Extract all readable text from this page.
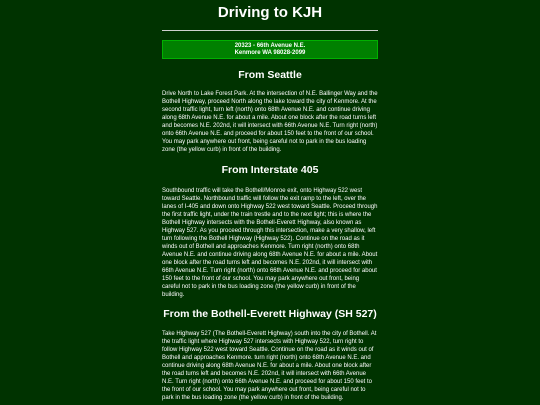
Driving to KJH
20323 - 66th Avenue N.E.
Kenmore WA 98028-2099
From Seattle

Drive North to Lake Forest Park. At the intersection of N.E. Ballinger Way and the Bothell Highway, proceed North along the lake toward the city of Kenmore. At the second traffic light, turn left (north) onto 68th Avenue N.E. and continue driving along 68th Avenue N.E. for about a mile. About one block after the road turns left and becomes N.E. 202nd, it will intersect with 66th Avenue N.E. Turn right (north) onto 66th Avenue N.E. and proceed for about 150 feet to the front of our school. You may park anywhere out front, being careful not to park in the bus loading zone (the yellow curb) in front of the building.

From Interstate 405

Southbound traffic will take the Bothell/Monroe exit, onto Highway 522 west toward Seattle. Northbound traffic will follow the exit ramp to the left, over the lanes of I-405 and down onto Highway 522 west toward Seattle. Proceed through the first traffic light, under the train trestle and to the next light; this is where the Bothell Highway intersects with the Bothell-Everett Highway, also known as Highway 527. As you proceed through this intersection, make a very shallow, left turn following the Bothell Highway (Highway 522). Continue on the road as it winds out of Bothell and approaches Kenmore. Turn right (north) onto 68th Avenue N.E. and continue driving along 68th Avenue N.E. for about a mile. About one block after the road turns left and becomes N.E. 202nd, it will intersect with 66th Avenue N.E. Turn right (north) onto 66th Avenue N.E. and proceed for about 150 feet to the front of our school. You may park anywhere out front, being careful not to park in the bus loading zone (the yellow curb) in front of the building.

From the Bothell-Everett Highway (SH 527)

Take Highway 527 (The Bothell-Everett Highway) south into the city of Bothell. At the traffic light where Highway 527 intersects with Highway 522, turn right to follow Highway 522 west toward Seattle. Continue on the road as it winds out of Bothell and approaches Kenmore. turn right (north) onto 68th Avenue N.E. and continue driving along 68th Avenue N.E. for about a mile. About one block after the road turns left and becomes N.E. 202nd, it will intersect with 66th Avenue N.E. Turn right (north) onto 66th Avenue N.E. and proceed for about 150 feet to the front of our school. You may park anywhere out front, being careful not to park in the bus loading zone (the yellow curb) in front of the building.
